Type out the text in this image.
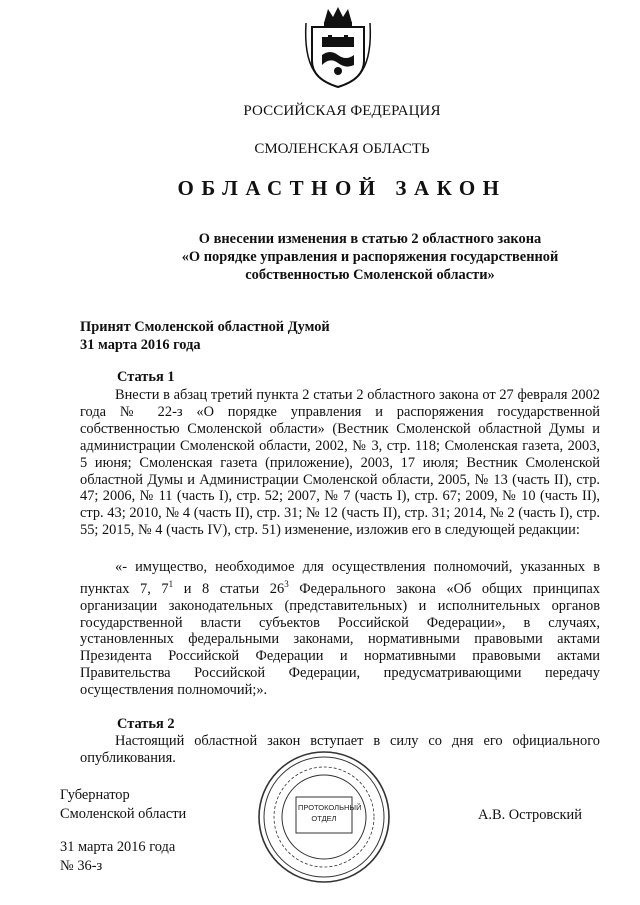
РОССИЙСКАЯ ФЕДЕРАЦИЯ
СМОЛЕНСКАЯ ОБЛАСТЬ
ОБЛАСТНОЙ ЗАКОН
О внесении изменения в статью 2 областного закона
«О порядке управления и распоряжения государственной
собственностью Смоленской области»
Принят Смоленской областной Думой
31 марта 2016 года
Статья 1
Внести в абзац третий пункта 2 статьи 2 областного закона от 27 февраля 2002 года № 22-з «О порядке управления и распоряжения государственной собственностью Смоленской области» (Вестник Смоленской областной Думы и администрации Смоленской области, 2002, № 3, стр. 118; Смоленская газета, 2003, 5 июня; Смоленская газета (приложение), 2003, 17 июля; Вестник Смоленской областной Думы и Администрации Смоленской области, 2005, № 13 (часть II), стр. 47; 2006, № 11 (часть I), стр. 52; 2007, № 7 (часть I), стр. 67; 2009, № 10 (часть II), стр. 43; 2010, № 4 (часть II), стр. 31; № 12 (часть II), стр. 31; 2014, № 2 (часть I), стр. 55; 2015, № 4 (часть IV), стр. 51) изменение, изложив его в следующей редакции:
«- имущество, необходимое для осуществления полномочий, указанных в пунктах 7, $7^1$ и 8 статьи $26^3$ Федерального закона «Об общих принципах организации законодательных (представительных) и исполнительных органов государственной власти субъектов Российской Федерации», в случаях, установленных федеральными законами, нормативными правовыми актами Президента Российской Федерации и нормативными правовыми актами Правительства Российской Федерации, предусматривающими передачу осуществления полномочий;».
Статья 2
Настоящий областной закон вступает в силу со дня его официального опубликования.
Губернатор
Смоленской области	ПРОТОКОЛЬНЫЙ
ОТДЕЛ	А.В. Островский
31 марта 2016 года
№ 36-з
